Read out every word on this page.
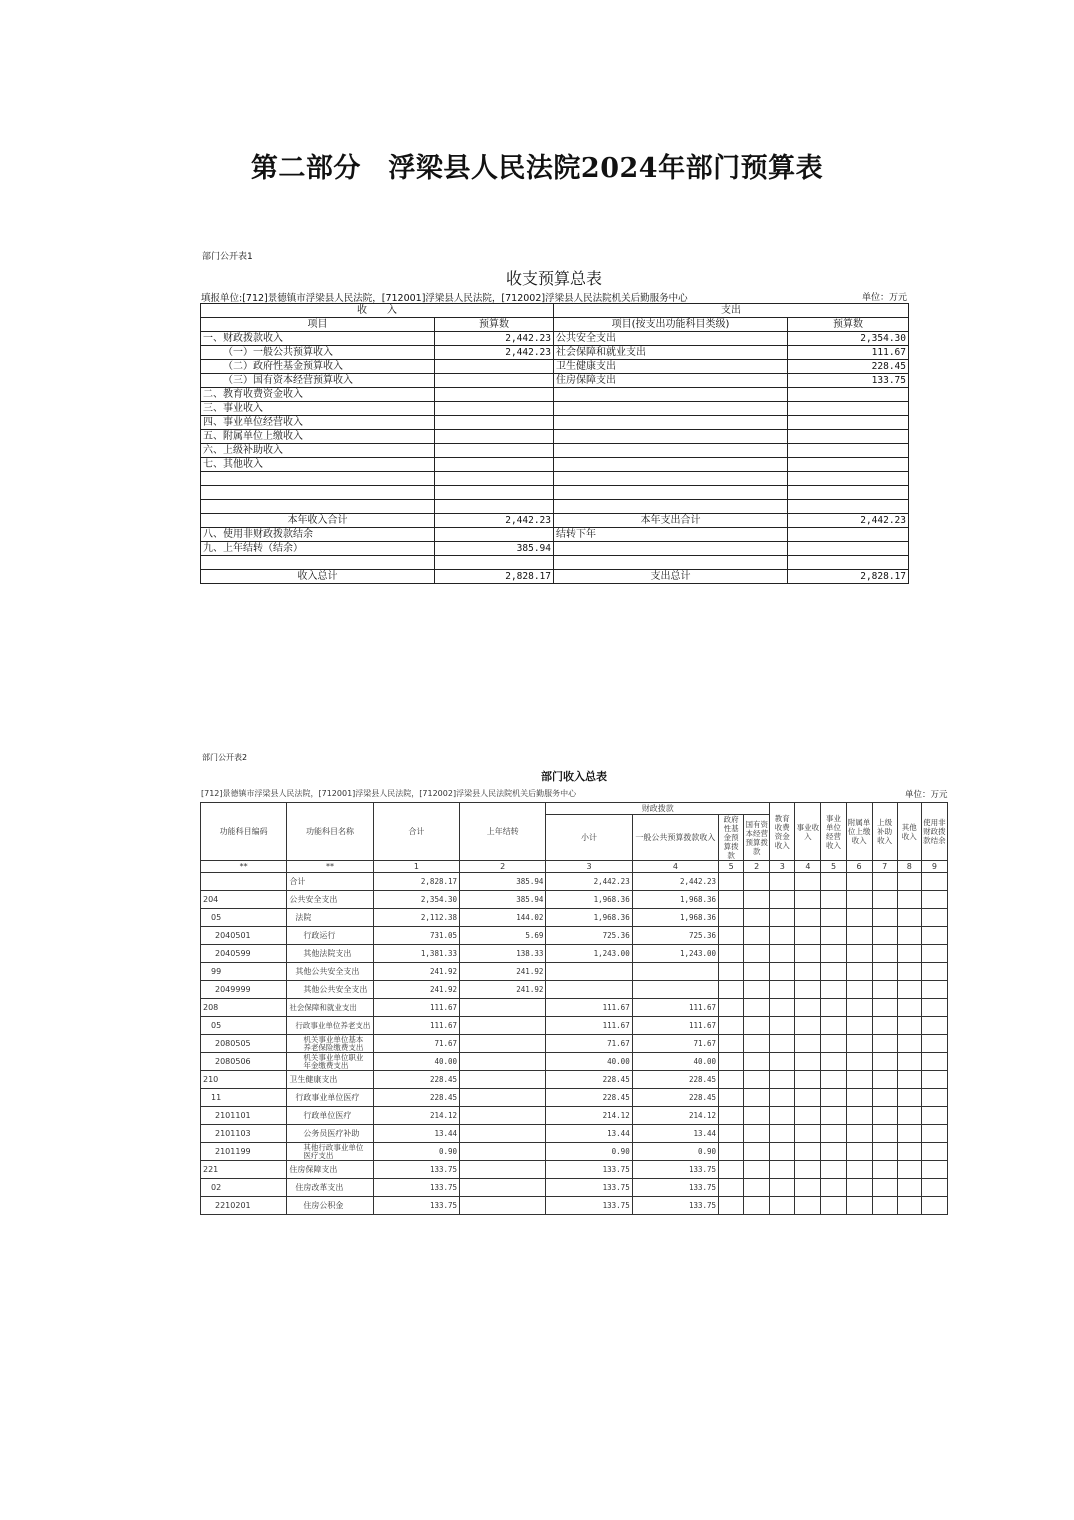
第二部分　浮梁县人民法院2024年部门预算表
部门公开表1
收支预算总表
填报单位:[712]景德镇市浮梁县人民法院，[712001]浮梁县人民法院，[712002]浮梁县人民法院机关后勤服务中心	单位：万元
收　　入		支出	
项目	预算数	项目(按支出功能科目类级)	预算数
一、财政拨款收入	2,442.23	公共安全支出	2,354.30
（一）一般公共预算收入	2,442.23	社会保障和就业支出	111.67
（二）政府性基金预算收入		卫生健康支出	228.45
（三）国有资本经营预算收入		住房保障支出	133.75
二、教育收费资金收入			
三、事业收入			
四、事业单位经营收入			
五、附属单位上缴收入			
六、上级补助收入			
七、其他收入			

本年收入合计	2,442.23	本年支出合计	2,442.23
八、使用非财政拨款结余		结转下年	
九、上年结转（结余）	385.94		

收入总计	2,828.17	支出总计	2,828.17
部门公开表2
部门收入总表
[712]景德镇市浮梁县人民法院，[712001]浮梁县人民法院，[712002]浮梁县人民法院机关后勤服务中心	单位：万元
功能科目编码	功能科目名称	合计	上年结转	财政拨款				教育收费资金收入	事业收入	事业单位经营收入	附属单位上缴收入	上级补助收入	其他收入	使用非财政拨款结余
				小计	一般公共预算拨款收入	政府性基金预算拨款	国有资本经营预算拨款							
**	**	1	2	3	4	5	2	3	4	5	6	7	8	9
	合计	2,828.17	385.94	2,442.23	2,442.23									
204	公共安全支出	2,354.30	385.94	1,968.36	1,968.36									
05	法院	2,112.38	144.02	1,968.36	1,968.36									
2040501	行政运行	731.05	5.69	725.36	725.36									
2040599	其他法院支出	1,381.33	138.33	1,243.00	1,243.00									
99	其他公共安全支出	241.92	241.92											
2049999	其他公共安全支出	241.92	241.92											
208	社会保障和就业支出	111.67		111.67	111.67									
05	行政事业单位养老支出	111.67		111.67	111.67									
2080505	机关事业单位基本养老保险缴费支出	71.67		71.67	71.67									
2080506	机关事业单位职业年金缴费支出	40.00		40.00	40.00									
210	卫生健康支出	228.45		228.45	228.45									
11	行政事业单位医疗	228.45		228.45	228.45									
2101101	行政单位医疗	214.12		214.12	214.12									
2101103	公务员医疗补助	13.44		13.44	13.44									
2101199	其他行政事业单位医疗支出	0.90		0.90	0.90									
221	住房保障支出	133.75		133.75	133.75									
02	住房改革支出	133.75		133.75	133.75									
2210201	住房公积金	133.75		133.75	133.75									
